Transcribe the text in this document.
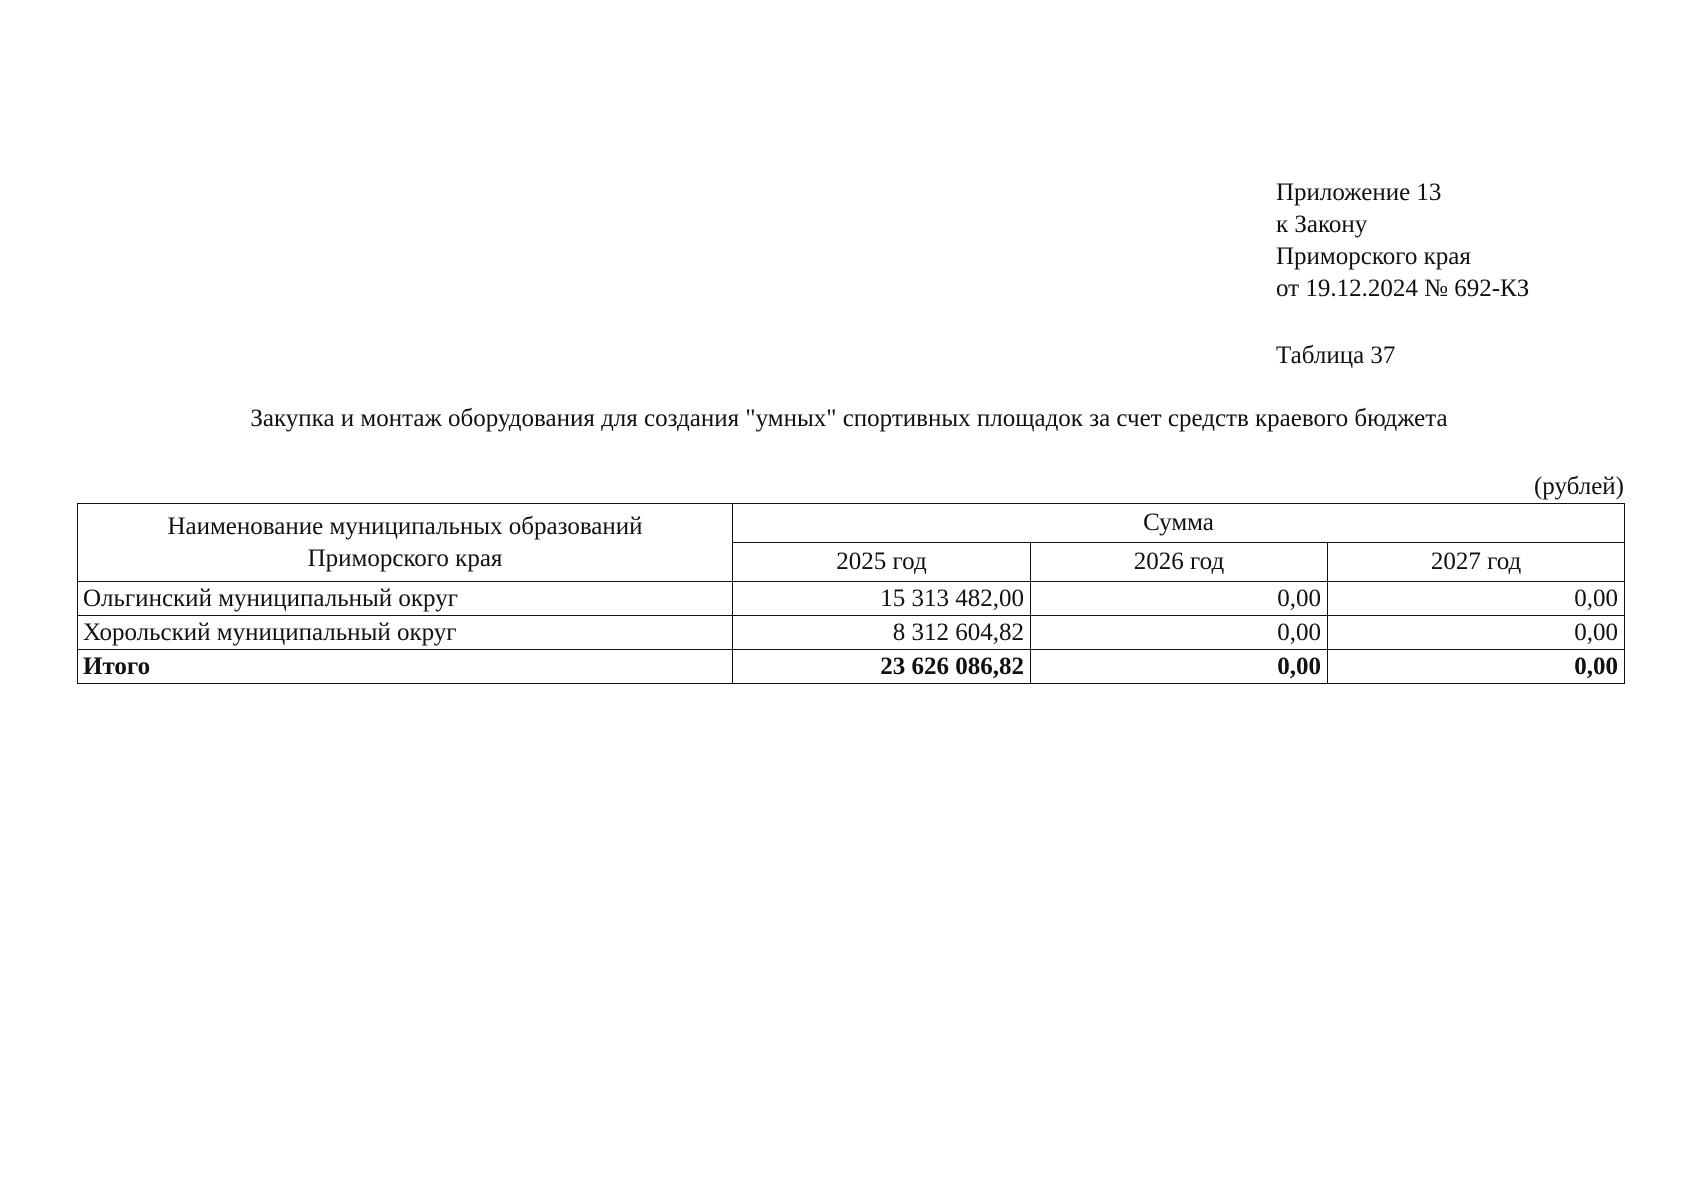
Приложение 13
к Закону
Приморского края
от 19.12.2024 № 692-КЗ
Таблица 37
Закупка и монтаж оборудования для создания "умных" спортивных площадок за счет средств краевого бюджета
(рублей)
Наименование муниципальных образований
Приморского края	Сумма		
	2025 год	2026 год	2027 год
Ольгинский муниципальный округ	15 313 482,00	0,00	0,00
Хорольский муниципальный округ	8 312 604,82	0,00	0,00
Итого	23 626 086,82	0,00	0,00
